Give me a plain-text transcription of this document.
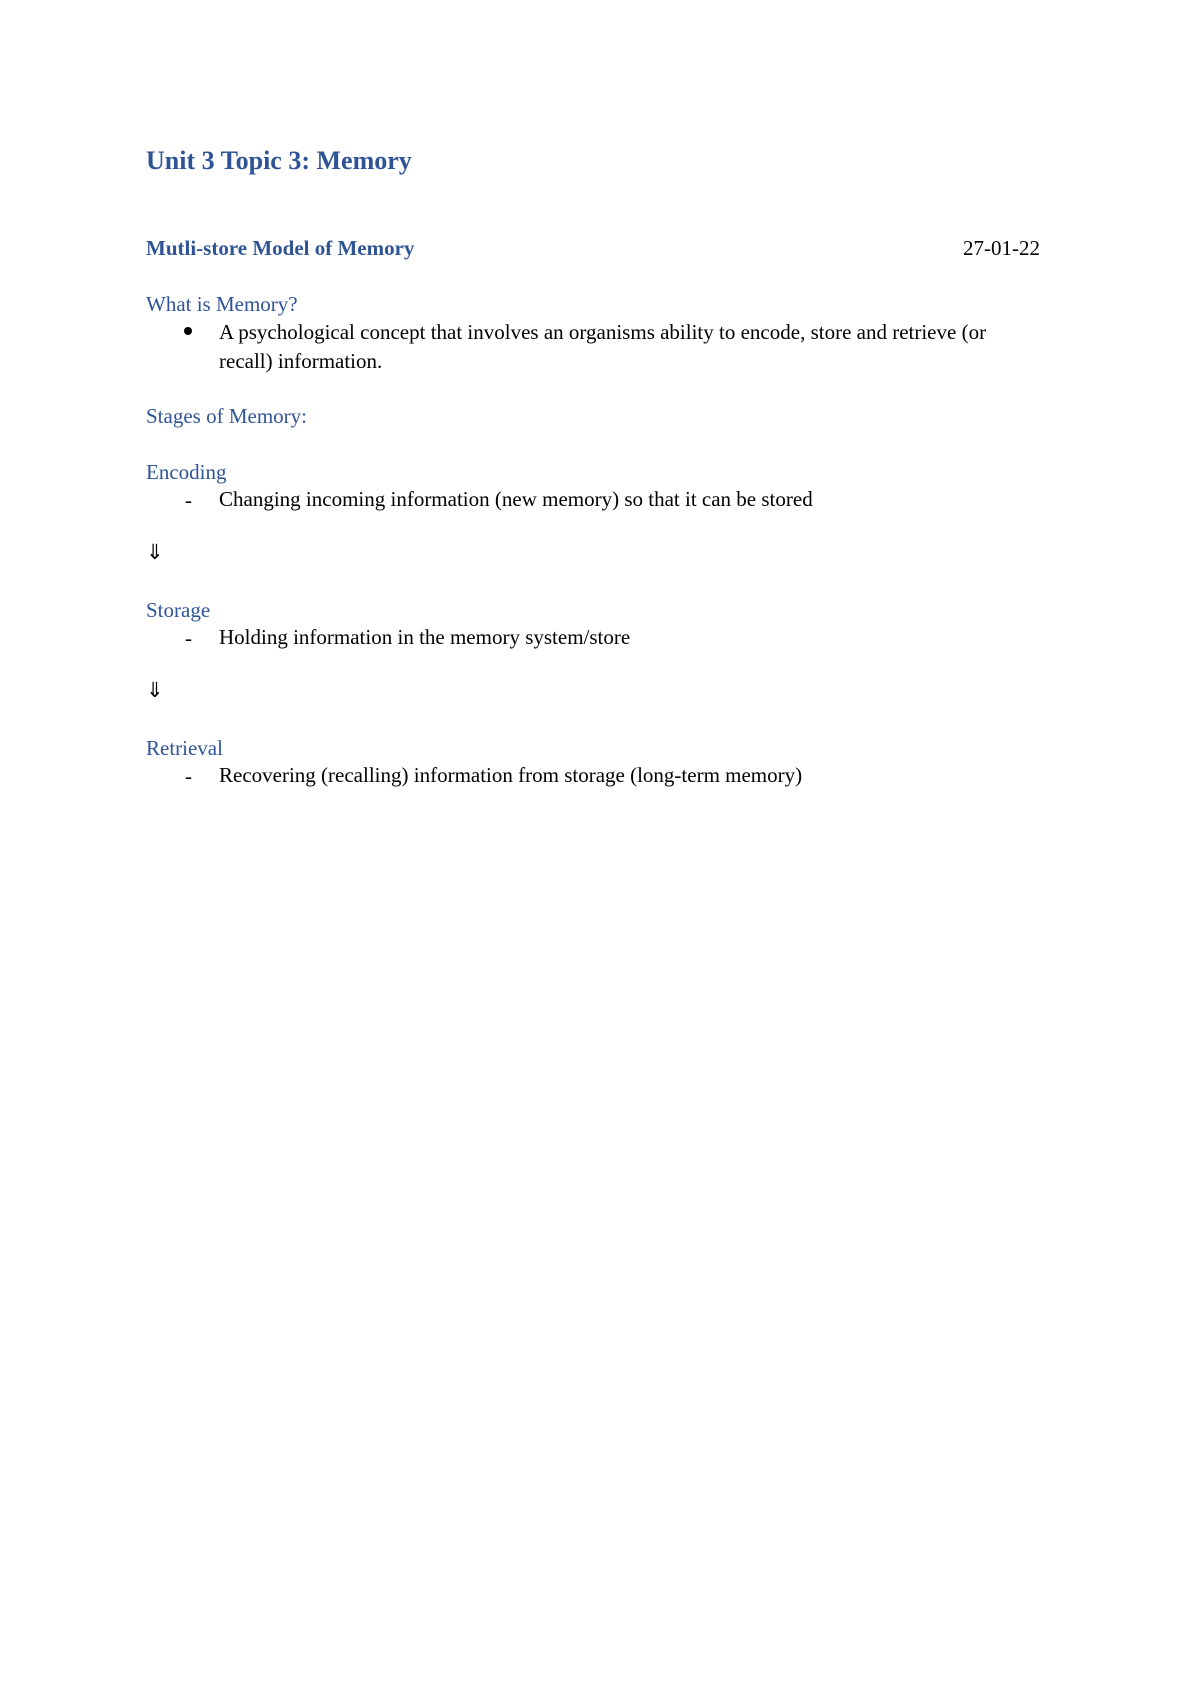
Unit 3 Topic 3: Memory
Mutli-store Model of Memory	27-01-22
What is Memory?
A psychological concept that involves an organisms ability to encode, store and retrieve (or recall) information.
Stages of Memory:
Encoding
- Changing incoming information (new memory) so that it can be stored
⇓
Storage
- Holding information in the memory system/store
⇓
Retrieval
- Recovering (recalling) information from storage (long-term memory)
